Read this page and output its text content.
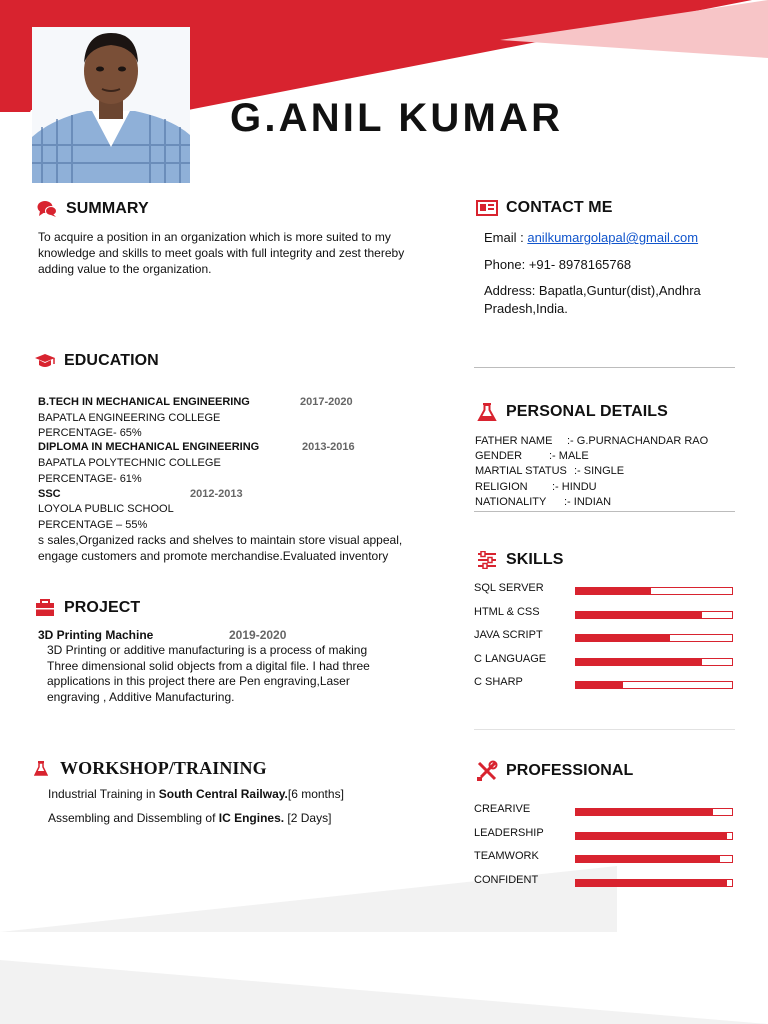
G.ANIL KUMAR
SUMMARY
To acquire a position in an organization which is more suited to my knowledge and skills to meet goals with full integrity and zest thereby adding value to the organization.
CONTACT ME
Email : anilkumargolapal@gmail.com
Phone: +91- 8978165768
Address: Bapatla,Guntur(dist),Andhra Pradesh,India.
EDUCATION
B.TECH IN MECHANICAL ENGINEERING	2017-2020
BAPATLA ENGINEERING COLLEGE
PERCENTAGE- 65%
DIPLOMA IN MECHANICAL ENGINEERING	2013-2016
BAPATLA POLYTECHNIC COLLEGE
PERCENTAGE- 61%
SSC	2012-2013
LOYOLA PUBLIC SCHOOL
PERCENTAGE – 55%
s sales,Organized racks and shelves to maintain store visual appeal, engage customers and promote merchandise.Evaluated inventory
PROJECT
3D Printing Machine	2019-2020
3D Printing or additive manufacturing is a process of making Three dimensional solid objects from a digital file. I had three applications in this project there are Pen engraving,Laser engraving , Additive Manufacturing.
WORKSHOP/TRAINING
Industrial Training in South Central Railway.[6 months]
Assembling and Dissembling of IC Engines. [2 Days]
PERSONAL DETAILS
FATHER NAME :- G.PURNACHANDAR RAO
GENDER :- MALE
MARTIAL STATUS :- SINGLE
RELIGION :- HINDU
NATIONALITY :- INDIAN
SKILLS
SQL SERVER
HTML & CSS
JAVA SCRIPT
C LANGUAGE
C SHARP
PROFESSIONAL
CREARIVE
LEADERSHIP
TEAMWORK
CONFIDENT
